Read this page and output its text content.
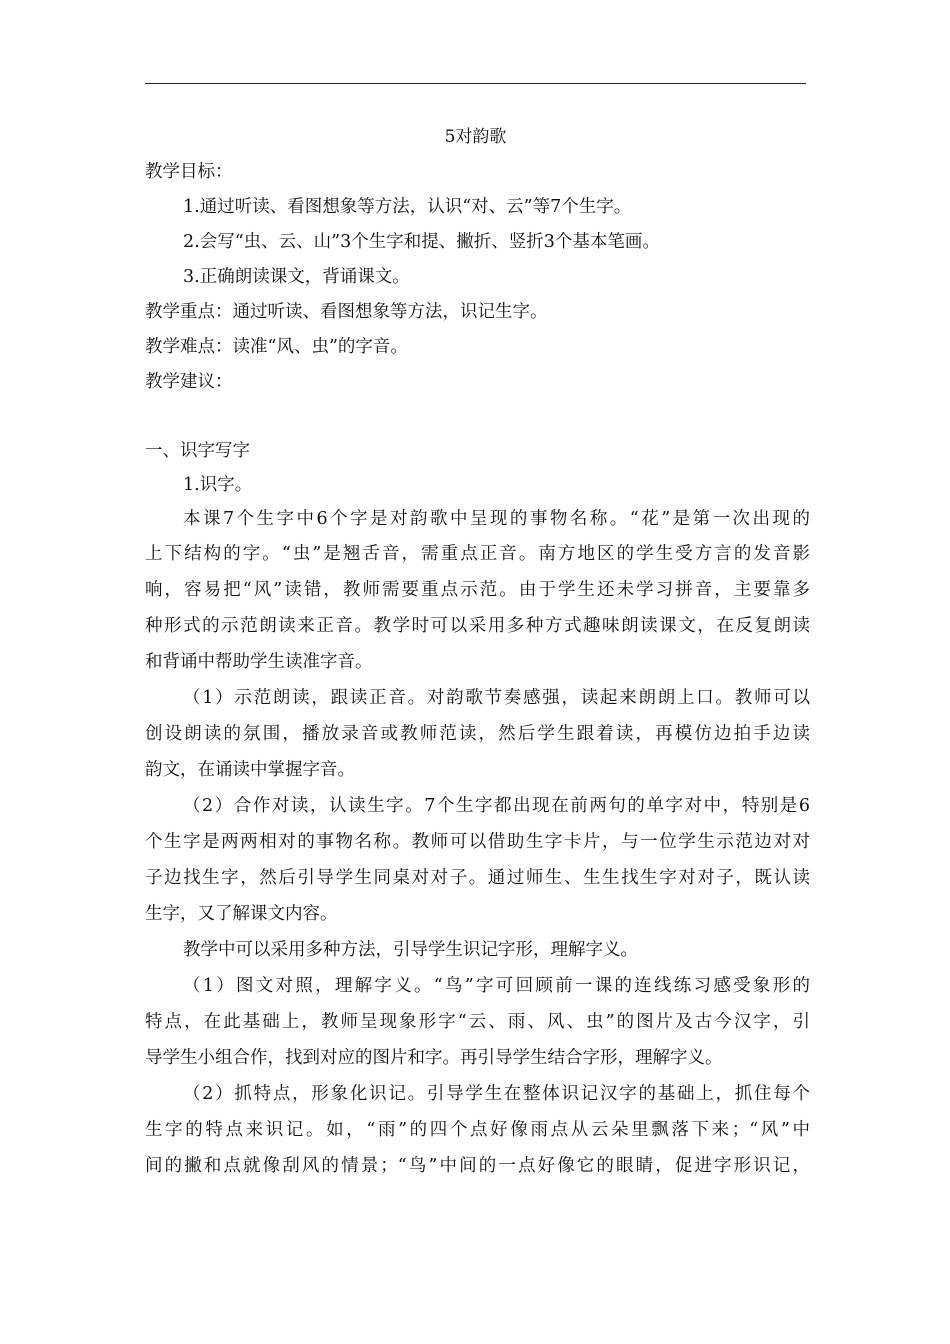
5对韵歌
教学目标：
1.通过听读、看图想象等方法，认识“对、云”等7个生字。
2.会写“虫、云、山”3个生字和提、撇折、竖折3个基本笔画。
3.正确朗读课文，背诵课文。
教学重点：通过听读、看图想象等方法，识记生字。
教学难点：读准“风、虫”的字音。
教学建议：
一、识字写字
1.识字。
本课7个生字中6个字是对韵歌中呈现的事物名称。“花”是第一次出现的
上下结构的字。“虫”是翘舌音，需重点正音。南方地区的学生受方言的发音影
响，容易把“风”读错，教师需要重点示范。由于学生还未学习拼音，主要靠多
种形式的示范朗读来正音。教学时可以采用多种方式趣味朗读课文，在反复朗读
和背诵中帮助学生读准字音。
（1）示范朗读，跟读正音。对韵歌节奏感强，读起来朗朗上口。教师可以
创设朗读的氛围，播放录音或教师范读，然后学生跟着读，再模仿边拍手边读
韵文，在诵读中掌握字音。
（2）合作对读，认读生字。7个生字都出现在前两句的单字对中，特别是6
个生字是两两相对的事物名称。教师可以借助生字卡片，与一位学生示范边对对
子边找生字，然后引导学生同桌对对子。通过师生、生生找生字对对子，既认读
生字，又了解课文内容。
教学中可以采用多种方法，引导学生识记字形，理解字义。
（1）图文对照，理解字义。“鸟”字可回顾前一课的连线练习感受象形的
特点，在此基础上，教师呈现象形字“云、雨、风、虫”的图片及古今汉字，引
导学生小组合作，找到对应的图片和字。再引导学生结合字形，理解字义。
（2）抓特点，形象化识记。引导学生在整体识记汉字的基础上，抓住每个
生字的特点来识记。如，“雨”的四个点好像雨点从云朵里飘落下来；“风”中
间的撇和点就像刮风的情景；“鸟”中间的一点好像它的眼睛，促进字形识记，
